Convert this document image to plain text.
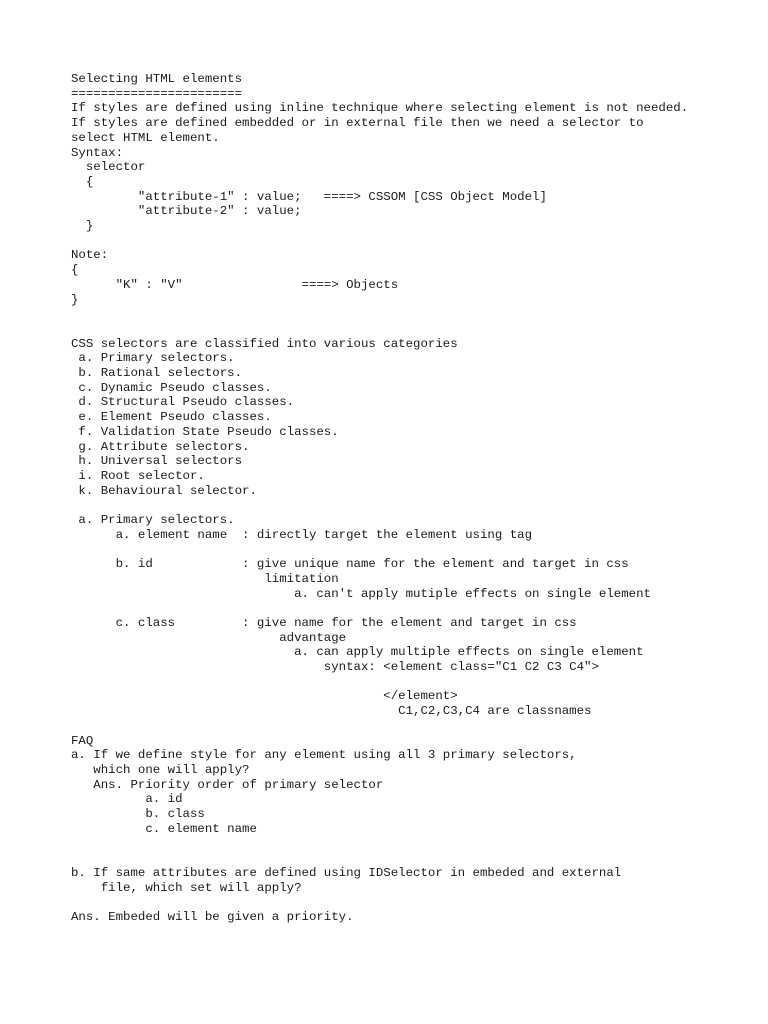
Selecting HTML elements
=======================
If styles are defined using inline technique where selecting element is not needed.
If styles are defined embedded or in external file then we need a selector to
select HTML element.
Syntax:
selector
{
"attribute-1" : value;   ====> CSSOM [CSS Object Model]
"attribute-2" : value;
}
Note:
{
"K" : "V"                ====> Objects
}
CSS selectors are classified into various categories
a. Primary selectors.
b. Rational selectors.
c. Dynamic Pseudo classes.
d. Structural Pseudo classes.
e. Element Pseudo classes.
f. Validation State Pseudo classes.
g. Attribute selectors.
h. Universal selectors
i. Root selector.
k. Behavioural selector.
a. Primary selectors.
a. element name  : directly target the element using tag
b. id            : give unique name for the element and target in css
limitation
a. can't apply mutiple effects on single element
c. class         : give name for the element and target in css
advantage
a. can apply multiple effects on single element
syntax: <element class="C1 C2 C3 C4">
</element>
C1,C2,C3,C4 are classnames
FAQ
a. If we define style for any element using all 3 primary selectors,
which one will apply?
Ans. Priority order of primary selector
a. id
b. class
c. element name
b. If same attributes are defined using IDSelector in embeded and external
file, which set will apply?
Ans. Embeded will be given a priority.
